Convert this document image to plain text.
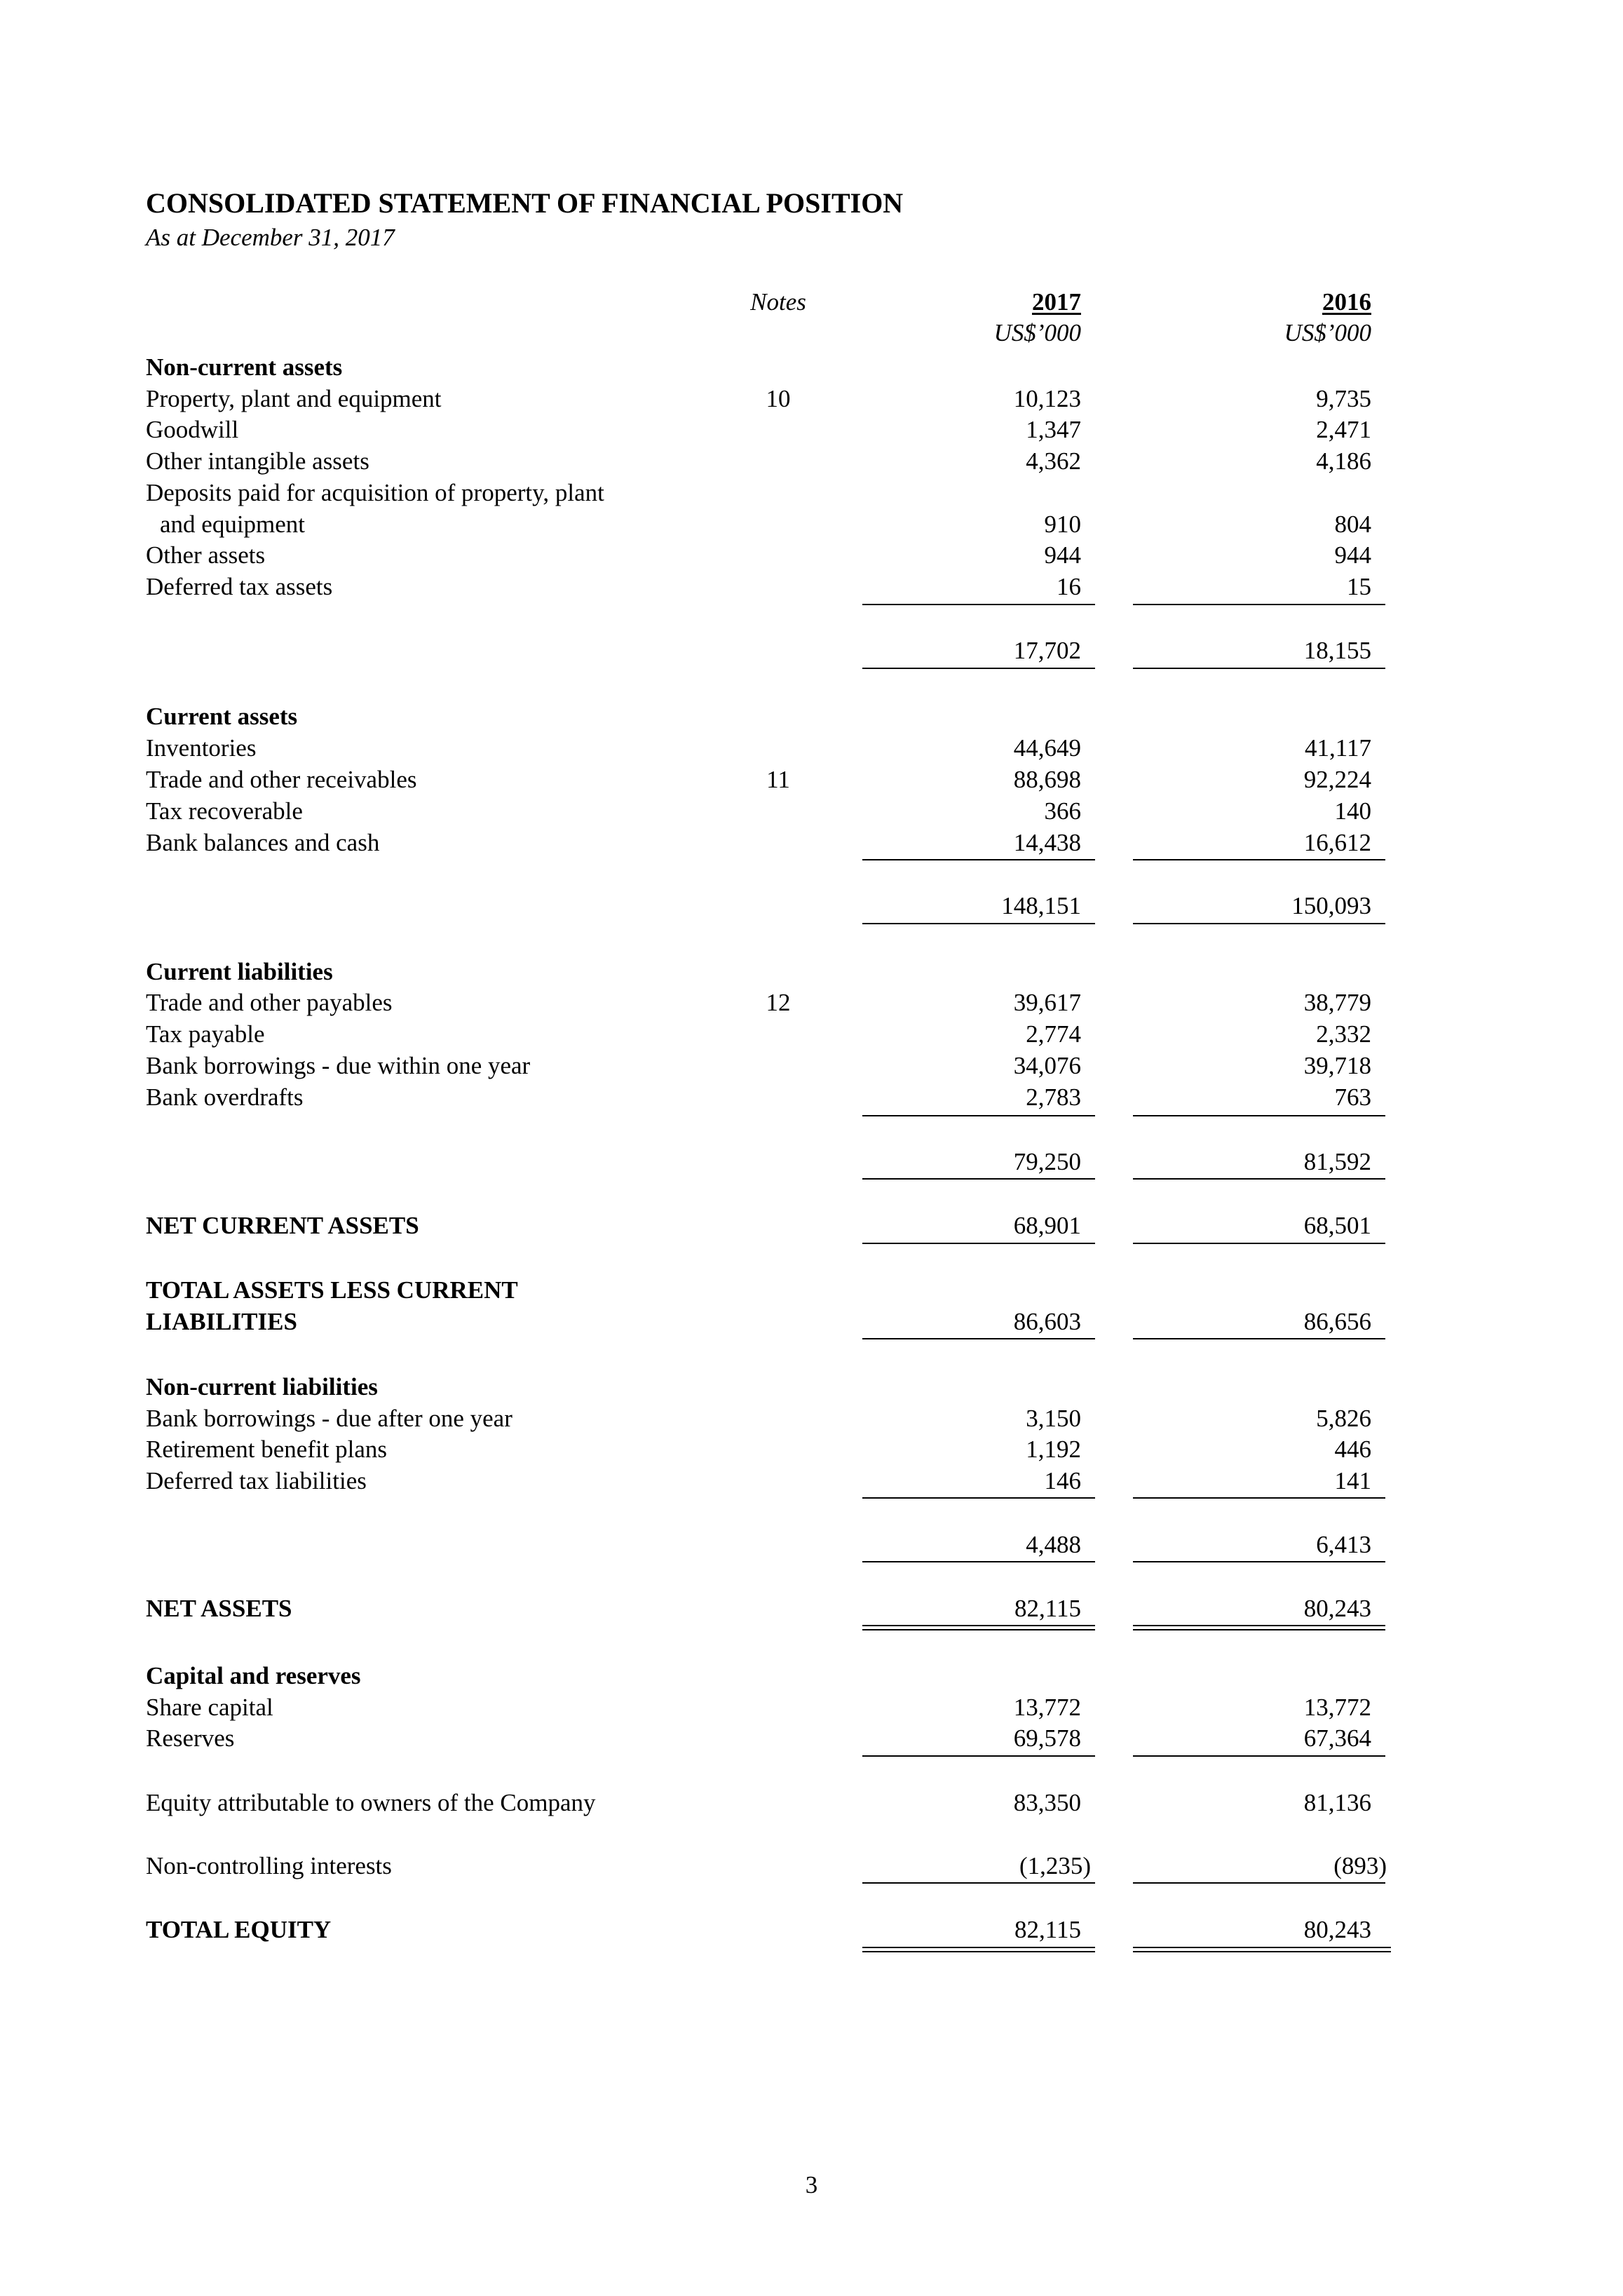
CONSOLIDATED STATEMENT OF FINANCIAL POSITION
As at December 31, 2017
Notes	2017	2016
US$’000	US$’000
Non-current assets
Property, plant and equipment	10	10,123	9,735
Goodwill	1,347	2,471
Other intangible assets	4,362	4,186
Deposits paid for acquisition of property, plant
and equipment	910	804
Other assets	944	944
Deferred tax assets	16	15
17,702	18,155
Current assets
Inventories	44,649	41,117
Trade and other receivables	11	88,698	92,224
Tax recoverable	366	140
Bank balances and cash	14,438	16,612
148,151	150,093
Current liabilities
Trade and other payables	12	39,617	38,779
Tax payable	2,774	2,332
Bank borrowings - due within one year	34,076	39,718
Bank overdrafts	2,783	763
79,250	81,592
NET CURRENT ASSETS	68,901	68,501
TOTAL ASSETS LESS CURRENT
LIABILITIES	86,603	86,656
Non-current liabilities
Bank borrowings - due after one year	3,150	5,826
Retirement benefit plans	1,192	446
Deferred tax liabilities	146	141
4,488	6,413
NET ASSETS	82,115	80,243
Capital and reserves
Share capital	13,772	13,772
Reserves	69,578	67,364
Equity attributable to owners of the Company	83,350	81,136
Non-controlling interests	(1,235)	(893)
TOTAL EQUITY	82,115	80,243
3
